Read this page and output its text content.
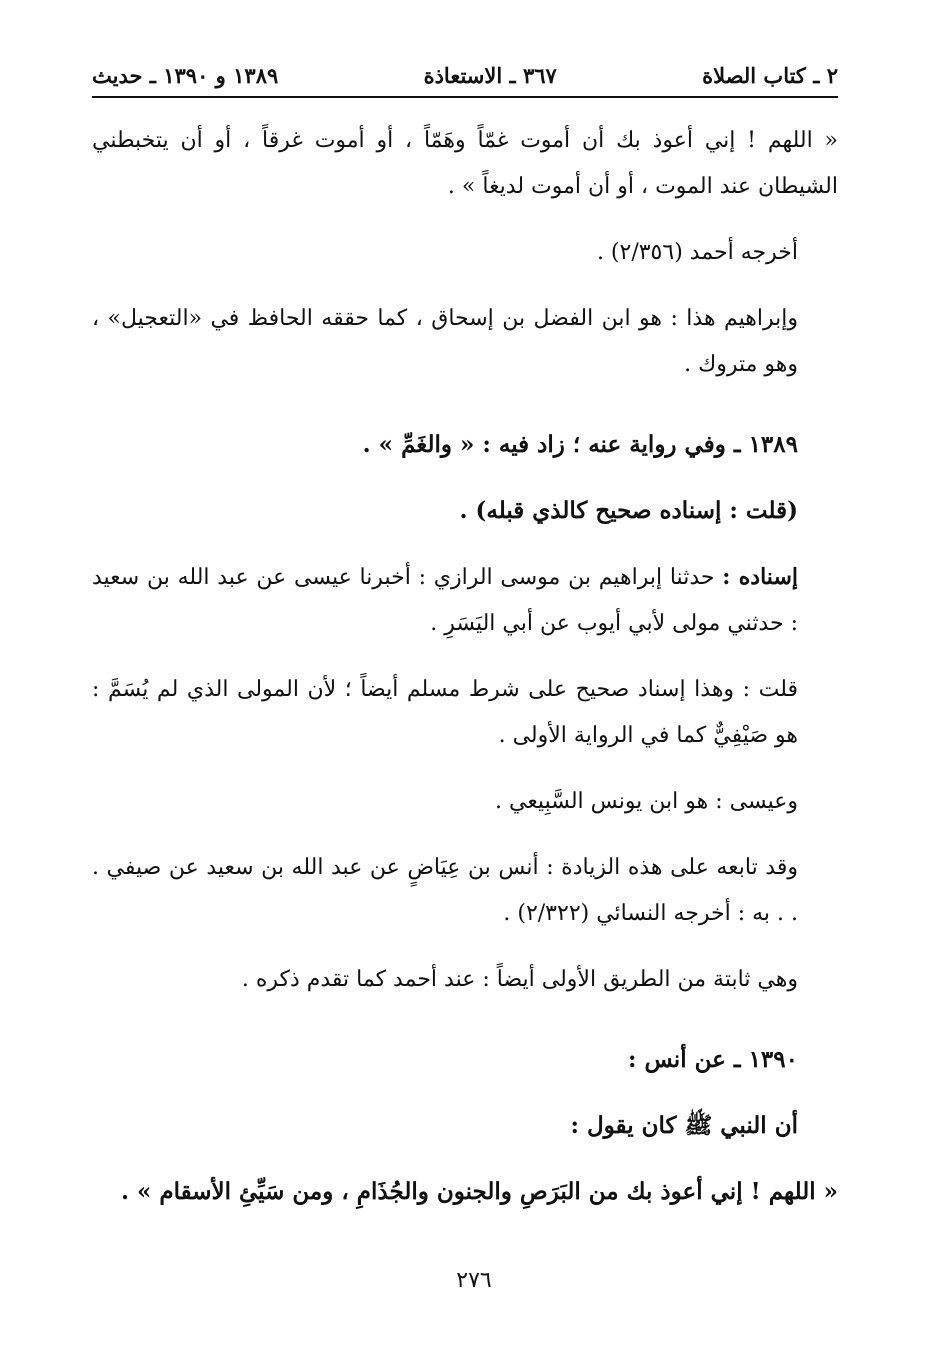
٢ ـ كتاب الصلاة
٣٦٧ ـ الاستعاذة
١٣٨٩ و ١٣٩٠ ـ حديث

« اللهم ! إني أعوذ بك أن أموت غمّاً وهَمّاً ، أو أموت غرقاً ، أو أن يتخبطني الشيطان عند الموت ، أو أن أموت لديغاً » .

أخرجه أحمد (٢/٣٥٦) .

وإبراهيم هذا : هو ابن الفضل بن إسحاق ، كما حققه الحافظ في «التعجيل» ، وهو متروك .

١٣٨٩ ـ وفي رواية عنه ؛ زاد فيه : « والغَمِّ » .

(قلت : إسناده صحيح كالذي قبله) .

إسناده : حدثنا إبراهيم بن موسى الرازي : أخبرنا عيسى عن عبد الله بن سعيد : حدثني مولى لأبي أيوب عن أبي اليَسَرِ .

قلت : وهذا إسناد صحيح على شرط مسلم أيضاً ؛ لأن المولى الذي لم يُسَمَّ : هو صَيْفِيٌّ كما في الرواية الأولى .

وعيسى : هو ابن يونس السَّبِيعي .

وقد تابعه على هذه الزيادة : أنس بن عِيَاضٍ عن عبد الله بن سعيد عن صيفي . . . به : أخرجه النسائي (٢/٣٢٢) .

وهي ثابتة من الطريق الأولى أيضاً : عند أحمد كما تقدم ذكره .

١٣٩٠ ـ عن أنس :

أن النبي ﷺ كان يقول :

« اللهم ! إني أعوذ بك من البَرَصِ والجنون والجُذَامِ ، ومن سَيِّئِ الأسقام » .

٢٧٦
